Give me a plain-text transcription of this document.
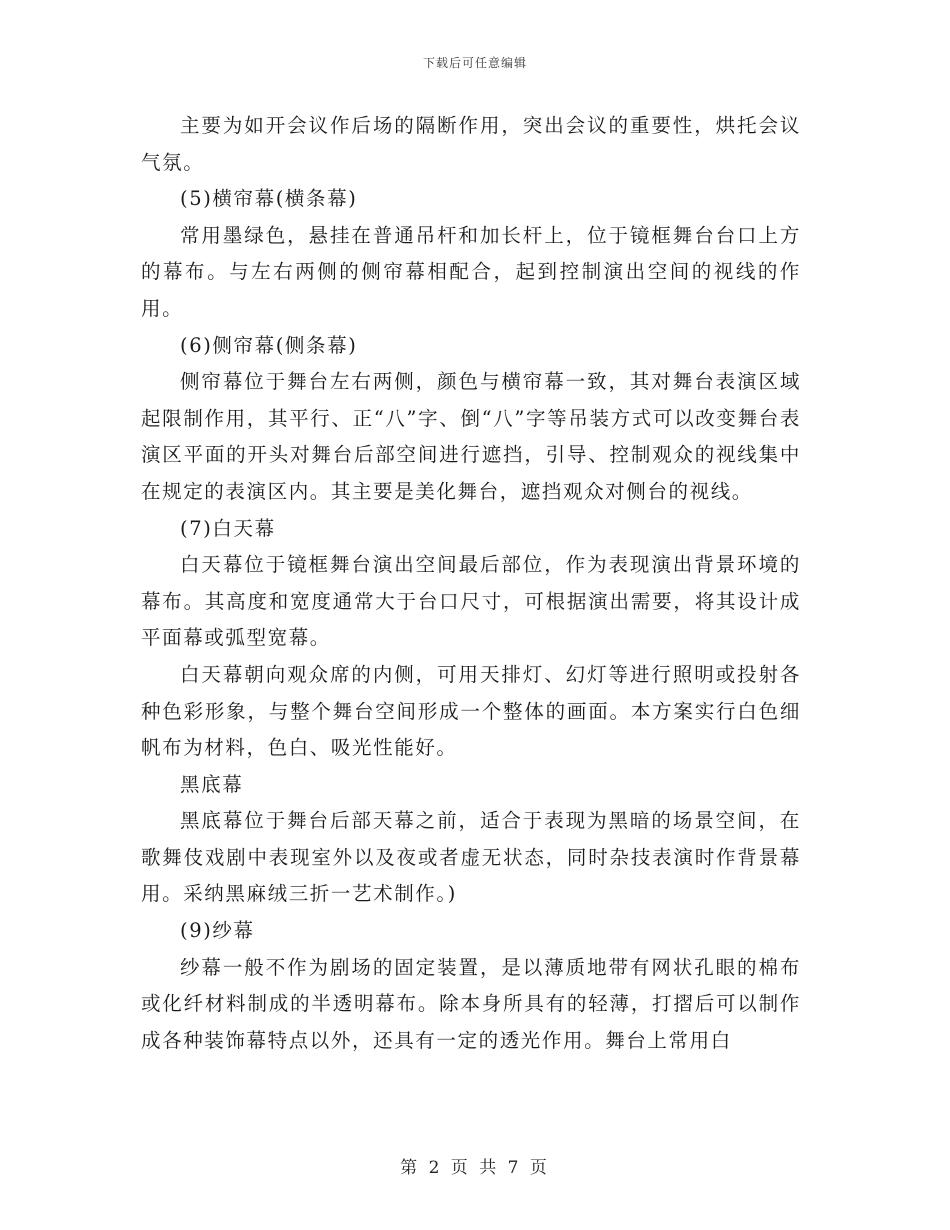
下载后可任意编辑

主要为如开会议作后场的隔断作用，突出会议的重要性，烘托会议气氛。

(5)横帘幕(横条幕)

常用墨绿色，悬挂在普通吊杆和加长杆上，位于镜框舞台台口上方的幕布。与左右两侧的侧帘幕相配合，起到控制演出空间的视线的作用。

(6)侧帘幕(侧条幕)

侧帘幕位于舞台左右两侧，颜色与横帘幕一致，其对舞台表演区域起限制作用，其平行、正“八”字、倒“八”字等吊装方式可以改变舞台表演区平面的开头对舞台后部空间进行遮挡，引导、控制观众的视线集中在规定的表演区内。其主要是美化舞台，遮挡观众对侧台的视线。

(7)白天幕

白天幕位于镜框舞台演出空间最后部位，作为表现演出背景环境的幕布。其高度和宽度通常大于台口尺寸，可根据演出需要，将其设计成平面幕或弧型宽幕。

白天幕朝向观众席的内侧，可用天排灯、幻灯等进行照明或投射各种色彩形象，与整个舞台空间形成一个整体的画面。本方案实行白色细帆布为材料，色白、吸光性能好。

黑底幕

黑底幕位于舞台后部天幕之前，适合于表现为黑暗的场景空间，在歌舞伎戏剧中表现室外以及夜或者虚无状态，同时杂技表演时作背景幕用。采纳黑麻绒三折一艺术制作。)

(9)纱幕

纱幕一般不作为剧场的固定装置，是以薄质地带有网状孔眼的棉布或化纤材料制成的半透明幕布。除本身所具有的轻薄，打摺后可以制作成各种装饰幕特点以外，还具有一定的透光作用。舞台上常用白

第 2 页 共 7 页
